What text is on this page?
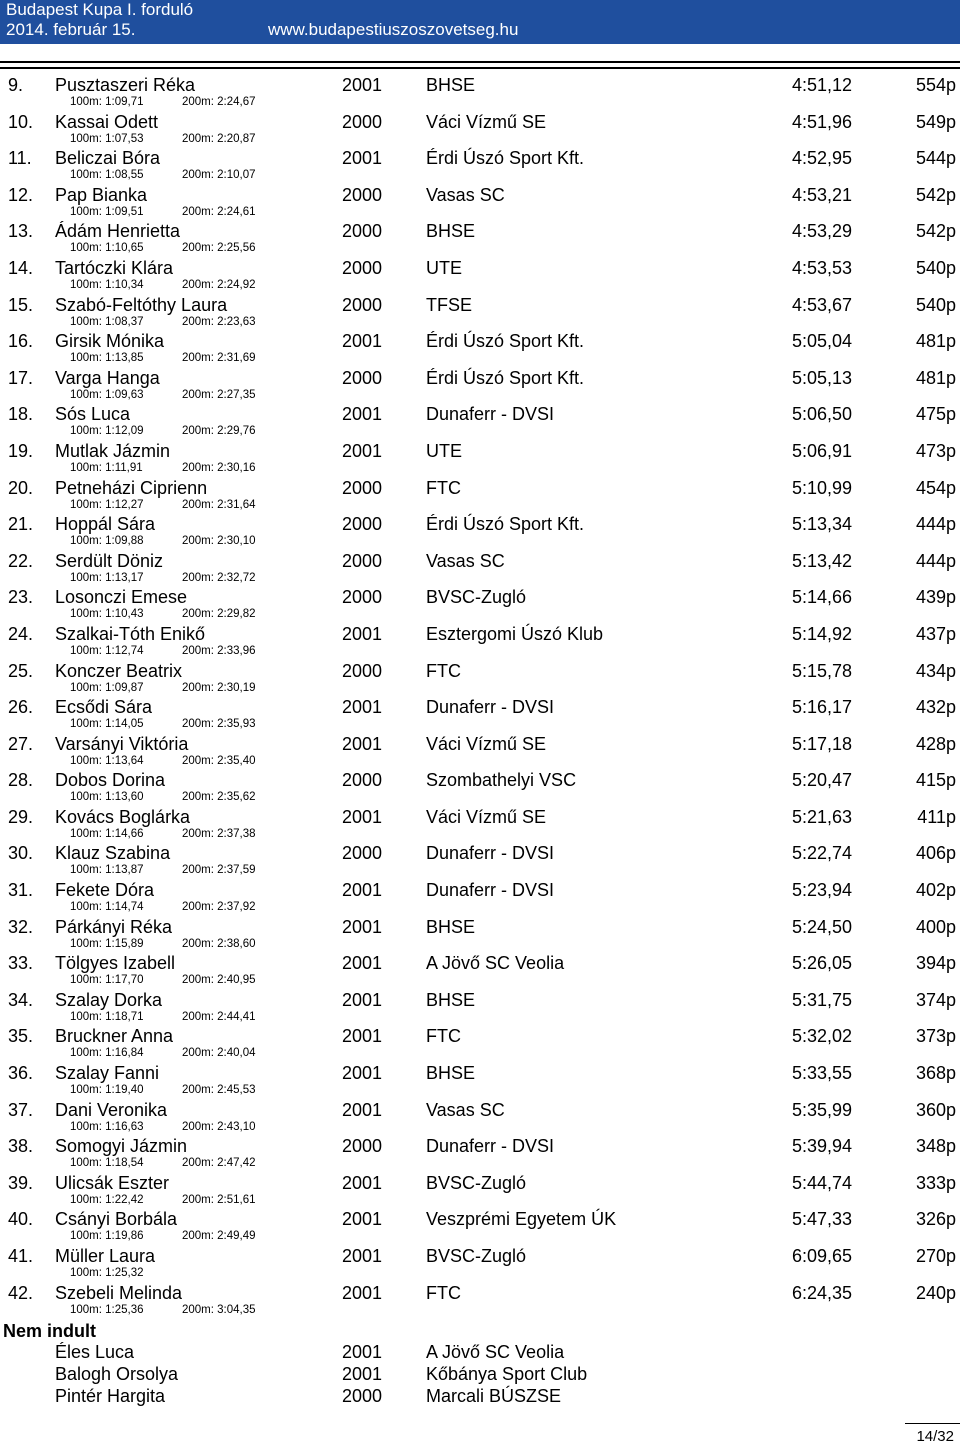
Budapest Kupa I. forduló
2014. február 15.	www.budapestiuszoszovetseg.hu
9. Pusztaszeri Réka	2001 BHSE	4:51,12	554p
100m: 1:09,71	200m: 2:24,67
10. Kassai Odett	2000 Váci Vízmű SE	4:51,96	549p
100m: 1:07,53	200m: 2:20,87
11. Beliczai Bóra	2001 Érdi Úszó Sport Kft.	4:52,95	544p
100m: 1:08,55	200m: 2:10,07
12. Pap Bianka	2000 Vasas SC	4:53,21	542p
100m: 1:09,51	200m: 2:24,61
13. Ádám Henrietta	2000 BHSE	4:53,29	542p
100m: 1:10,65	200m: 2:25,56
14. Tartóczki Klára	2000 UTE	4:53,53	540p
100m: 1:10,34	200m: 2:24,92
15. Szabó-Feltóthy Laura	2000 TFSE	4:53,67	540p
100m: 1:08,37	200m: 2:23,63
16. Girsik Mónika	2001 Érdi Úszó Sport Kft.	5:05,04	481p
100m: 1:13,85	200m: 2:31,69
17. Varga Hanga	2000 Érdi Úszó Sport Kft.	5:05,13	481p
100m: 1:09,63	200m: 2:27,35
18. Sós Luca	2001 Dunaferr - DVSI	5:06,50	475p
100m: 1:12,09	200m: 2:29,76
19. Mutlak Jázmin	2001 UTE	5:06,91	473p
100m: 1:11,91	200m: 2:30,16
20. Petneházi Ciprienn	2000 FTC	5:10,99	454p
100m: 1:12,27	200m: 2:31,64
21. Hoppál Sára	2000 Érdi Úszó Sport Kft.	5:13,34	444p
100m: 1:09,88	200m: 2:30,10
22. Serdült Döniz	2000 Vasas SC	5:13,42	444p
100m: 1:13,17	200m: 2:32,72
23. Losonczi Emese	2000 BVSC-Zugló	5:14,66	439p
100m: 1:10,43	200m: 2:29,82
24. Szalkai-Tóth Enikő	2001 Esztergomi Úszó Klub	5:14,92	437p
100m: 1:12,74	200m: 2:33,96
25. Konczer Beatrix	2000 FTC	5:15,78	434p
100m: 1:09,87	200m: 2:30,19
26. Ecsődi Sára	2001 Dunaferr - DVSI	5:16,17	432p
100m: 1:14,05	200m: 2:35,93
27. Varsányi Viktória	2001 Váci Vízmű SE	5:17,18	428p
100m: 1:13,64	200m: 2:35,40
28. Dobos Dorina	2000 Szombathelyi VSC	5:20,47	415p
100m: 1:13,60	200m: 2:35,62
29. Kovács Boglárka	2001 Váci Vízmű SE	5:21,63	411p
100m: 1:14,66	200m: 2:37,38
30. Klauz Szabina	2000 Dunaferr - DVSI	5:22,74	406p
100m: 1:13,87	200m: 2:37,59
31. Fekete Dóra	2001 Dunaferr - DVSI	5:23,94	402p
100m: 1:14,74	200m: 2:37,92
32. Párkányi Réka	2001 BHSE	5:24,50	400p
100m: 1:15,89	200m: 2:38,60
33. Tölgyes Izabell	2001 A Jövő SC Veolia	5:26,05	394p
100m: 1:17,70	200m: 2:40,95
34. Szalay Dorka	2001 BHSE	5:31,75	374p
100m: 1:18,71	200m: 2:44,41
35. Bruckner Anna	2001 FTC	5:32,02	373p
100m: 1:16,84	200m: 2:40,04
36. Szalay Fanni	2001 BHSE	5:33,55	368p
100m: 1:19,40	200m: 2:45,53
37. Dani Veronika	2001 Vasas SC	5:35,99	360p
100m: 1:16,63	200m: 2:43,10
38. Somogyi Jázmin	2000 Dunaferr - DVSI	5:39,94	348p
100m: 1:18,54	200m: 2:47,42
39. Ulicsák Eszter	2001 BVSC-Zugló	5:44,74	333p
100m: 1:22,42	200m: 2:51,61
40. Csányi Borbála	2001 Veszprémi Egyetem ÚK	5:47,33	326p
100m: 1:19,86	200m: 2:49,49
41. Müller Laura	2001 BVSC-Zugló	6:09,65	270p
100m: 1:25,32
42. Szebeli Melinda	2001 FTC	6:24,35	240p
100m: 1:25,36	200m: 3:04,35
Nem indult
Éles Luca	2001 A Jövő SC Veolia
Balogh Orsolya	2001 Kőbánya Sport Club
Pintér Hargita	2000 Marcali BÚSZSE
14/32
